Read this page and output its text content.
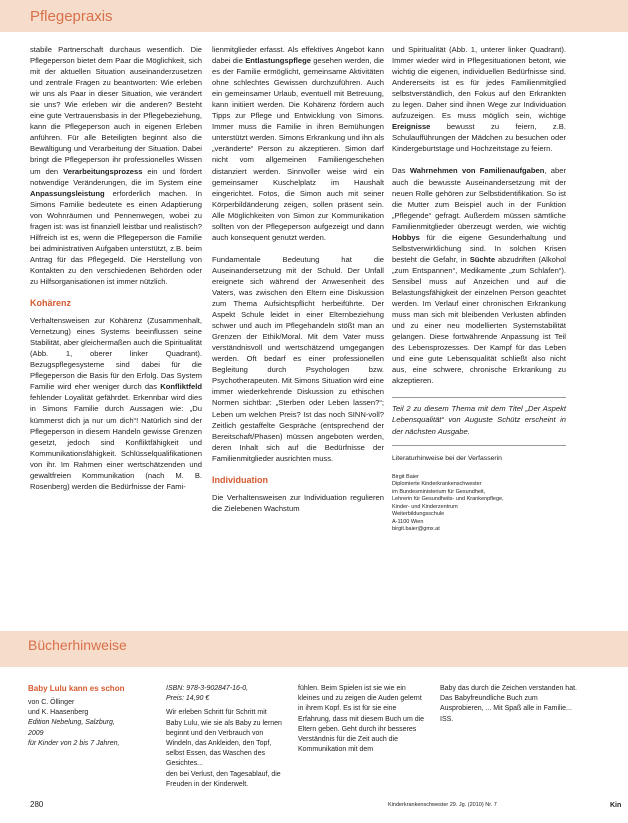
Pflegepraxis

stabile Partnerschaft durchaus wesentlich. Die Pflegeperson bietet dem Paar die Möglichkeit, sich mit der aktuellen Situation auseinanderzusetzen und zentrale Fragen zu beantworten: Wie erleben wir uns als Paar in dieser Situation, wie verändert sie uns? Wie erleben wir die anderen? Besteht eine gute Vertrauensbasis in der Pflegebeziehung, kann die Pflegeperson auch in eigenen Erleben anführen. Für alle Beteiligten beginnt also die Bewältigung und Verarbeitung der Situation. Dabei bringt die Pflegeperson ihr professionelles Wissen um den Verarbeitungsprozess ein und fördert notwendige Veränderungen, die im System eine Anpassungsleistung erforderlich machen. In Simons Familie bedeutete es einen Adaptierung von Wohnräumen und Pennenwegen, wobei zu fragen ist: was ist finanziell leistbar und realistisch? Hilfreich ist es, wenn die Pflegeperson die Familie bei administrativen Aufgaben unterstützt, z.B. beim Antrag für das Pflegegeld. Die Herstellung von Kontakten zu den verschiedenen Behörden oder zu Hilfsorganisationen ist immer nützlich.

Kohärenz

Verhaltensweisen zur Kohärenz (Zusammenhalt, Vernetzung) eines Systems beeinflussen seine Stabilität, aber gleichermaßen auch die Spiritualität (Abb. 1, oberer linker Quadrant). Bezugspflegesysteme sind dabei für die Pflegeperson die Basis für den Erfolg. Das System Familie wird eher weniger durch das Konfliktfeld fehlender Loyalität gefährdet. Erkennbar wird dies in Simons Familie durch Aussagen wie: „Du kümmerst dich ja nur um dich“! Natürlich sind der Pflegeperson in diesem Handeln gewisse Grenzen gesetzt, jedoch sind Konfliktfähigkeit und Kommunikationsfähigkeit. Schlüsselqualifikationen von ihr. Im Rahmen einer wertschätzenden und gewaltfreien Kommunikation (nach M. B. Rosenberg) werden die Bedürfnisse der Fami-

lienmitglieder erfasst. Als effektives Angebot kann dabei die Entlastungspflege gesehen werden, die es der Familie ermöglicht, gemeinsame Aktivitäten ohne schlechtes Gewissen durchzuführen. Auch ein gemeinsamer Urlaub, eventuell mit Betreuung, kann initiiert werden. Die Kohärenz fördern auch Tipps zur Pflege und Entwicklung von Simons. Immer muss die Familie in ihren Bemühungen unterstützt werden. Simons Erkrankung und ihn als „veränderte“ Person zu akzeptieren. Simon darf nicht vom allgemeinen Familiengeschehen distanziert werden. Sinnvoller weise wird ein gemeinsamer Kuschelplatz im Haushalt eingerichtet. Fotos, die Simon auch mit seiner Körperbildänderung zeigen, sollen präsent sein. Alle Möglichkeiten von Simon zur Kommunikation sollten von der Pflegeperson aufgezeigt und dann auch konsequent genutzt werden.

Fundamentale Bedeutung hat die Auseinandersetzung mit der Schuld. Der Unfall ereignete sich während der Anwesenheit des Vaters, was zwischen den Eltern eine Diskussion zum Thema Aufsichtspflicht herbeiführte. Der Aspekt Schule leidet in einer Elternbeziehung schwer und auch im Pflegehandeln stößt man an Grenzen der Ethik/Moral. Mit dem Vater muss verständnisvoll und wertschätzend umgegangen werden. Oft bedarf es einer professionellen Begleitung durch Psychologen bzw. Psychotherapeuten. Mit Simons Situation wird eine immer wiederkehrende Diskussion zu ethischen Normen sichtbar: „Sterben oder Leben lassen?“; Leben um welchen Preis? Ist das noch SINN-voll? Zeitlich gestaffelte Gespräche (entsprechend der Bereitschaft/Phasen) müssen angeboten werden, deren Inhalt sich auf die Bedürfnisse der Familienmitglieder ausrichten muss.

Individuation

Die Verhaltensweisen zur Individuation regulieren die Zielebenen Wachstum

und Spiritualität (Abb. 1, unterer linker Quadrant). Immer wieder wird in Pflegesituationen betont, wie wichtig die eigenen, individuellen Bedürfnisse sind. Andererseits ist es für jedes Familienmitglied selbstverständlich, den Fokus auf den Erkrankten zu legen. Daher sind ihnen Wege zur Individuation aufzuzeigen. Es muss möglich sein, wichtige Ereignisse bewusst zu feiern, z.B. Schulaufführungen der Mädchen zu besuchen oder Kindergeburtstage und Hochzeitstage zu feiern.

Das Wahrnehmen von Familienaufgaben, aber auch die bewusste Auseinandersetzung mit der neuen Rolle gehören zur Selbstidentifikation. So ist die Mutter zum Beispiel auch in der Funktion „Pflegende“ gefragt. Außerdem müssen sämtliche Familienmitglieder überzeugt werden, wie wichtig Hobbys für die eigene Gesunderhaltung und Selbstverwirklichung sind. In solchen Krisen besteht die Gefahr, in Süchte abzudriften (Alkohol „zum Entspannen“, Medikamente „zum Schlafen“). Sensibel muss auf Anzeichen und auf die Belastungsfähigkeit der einzelnen Person geachtet werden. Im Verlauf einer chronischen Erkrankung muss man sich mit bleibenden Verlusten abfinden und zu einer neu modellierten Systemstabilität gelangen. Diese fortwährende Anpassung ist Teil des Lebensprozesses. Der Kampf für das Leben und eine gute Lebensqualität schließt also nicht aus, eine schwere, chronische Erkrankung zu akzeptieren.

Teil 2 zu diesem Thema mit dem Titel „Der Aspekt Lebensqualität“ von Auguste Schütz erscheint in der nächsten Ausgabe.
Literaturhinweise bei der Verfasserin
Birgit Baier
Diplomierte Kinderkrankenschwester
im Bundesministerium für Gesundheit,
Lehrerin für Gesundheits- und Krankenpflege,
Kinder- und Kinderzentrum
Weiterbildungsschule
A-1100 Wien
birgit.baier@gmx.at
Bücherhinweise
Baby Lulu kann es schon

von C. Öllinger

und K. Haasenberg

Edition Nebelung, Salzburg,

2009

für Kinder von 2 bis 7 Jahren,

ISBN: 978-3-902847-16-0,

Preis: 14,90 €

Wir erleben Schritt für Schritt mit Baby Lulu, wie sie als Baby zu lernen beginnt und den Verbrauch von Windeln, das Ankleiden, den Topf, selbst Essen, das Waschen des Gesichtes...

den bei Verlust, den Tagesablauf, die Freuden in der Kinderwelt.

fühlen. Beim Spielen ist sie wie ein kleines und zu zeigen die Auden gelernt in ihrem Kopf. Es ist für sie eine Erfahrung, dass mit diesem Buch um die Eltern geben. Geht durch ihr besseres Verständnis für die Zeit auch die Kommunikation mit dem

Baby das durch die Zeichen verstanden hat.

Das Babyfreundliche Buch zum Ausprobieren, ... Mit Spaß alle in Familie...

ISS.

280	Kinderkrankenschwester 29. Jg. (2010) Nr. 7	Kin
